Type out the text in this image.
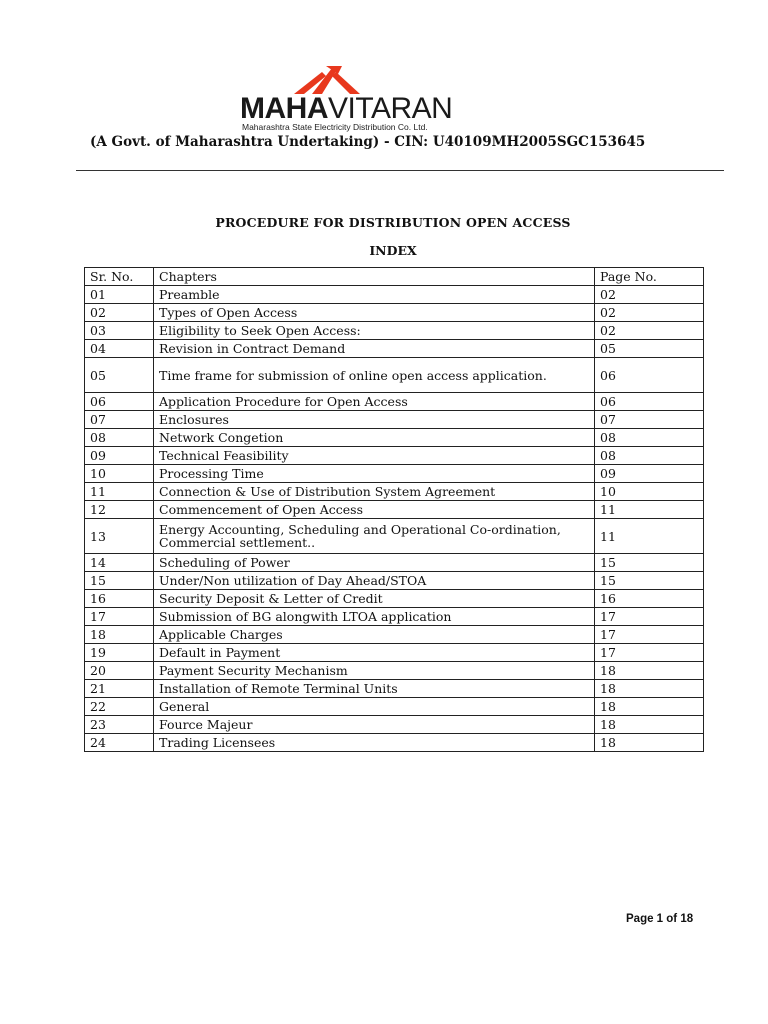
MAHAVITARAN
Maharashtra State Electricity Distribution Co. Ltd.
(A Govt. of Maharashtra Undertaking) - CIN: U40109MH2005SGC153645
PROCEDURE FOR DISTRIBUTION OPEN ACCESS
INDEX
Sr. No.	Chapters	Page No.
01	Preamble	02
02	Types of Open Access	02
03	Eligibility to Seek Open Access:	02
04	Revision in Contract Demand	05
05	Time frame for submission of online open access application.	06
06	Application Procedure for Open Access	06
07	Enclosures	07
08	Network Congetion	08
09	Technical Feasibility	08
10	Processing Time	09
11	Connection & Use of Distribution System Agreement	10
12	Commencement of Open Access	11
13	Energy Accounting, Scheduling and Operational Co-ordination, Commercial settlement..	11
14	Scheduling of Power	15
15	Under/Non utilization of Day Ahead/STOA	15
16	Security Deposit & Letter of Credit	16
17	Submission of BG alongwith LTOA application	17
18	Applicable Charges	17
19	Default in Payment	17
20	Payment Security Mechanism	18
21	Installation of Remote Terminal Units	18
22	General	18
23	Fource Majeur	18
24	Trading Licensees	18
Page 1 of 18
